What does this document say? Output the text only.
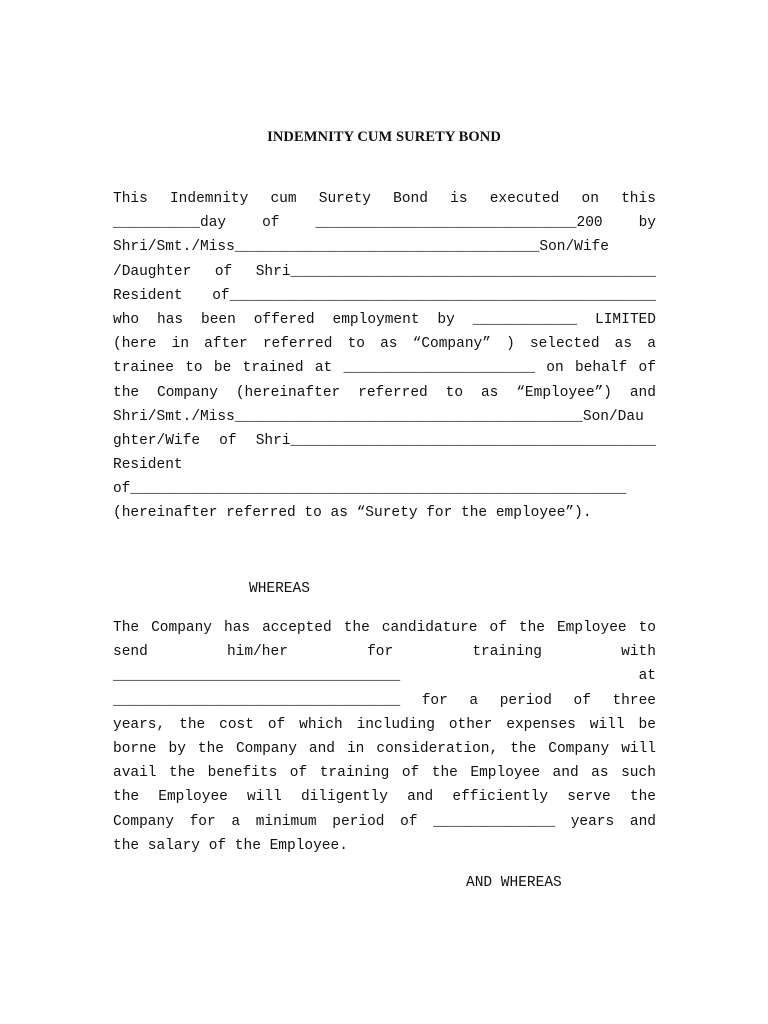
INDEMNITY CUM SURETY BOND
This Indemnity cum Surety Bond is executed on this
__________day of ______________________________200 by
Shri/Smt./Miss___________________________________Son/Wife
/Daughter of Shri__________________________________________
Resident of_________________________________________________
who has been offered employment by ____________ LIMITED
(here in after referred to as “Company” ) selected as a
trainee to be trained at ______________________ on behalf of
the Company (hereinafter referred to as “Employee”) and
Shri/Smt./Miss________________________________________Son/Dau
ghter/Wife of Shri__________________________________________
Resident
of_________________________________________________________
(hereinafter referred to as “Surety for the employee”).
WHEREAS
The Company has accepted the candidature of the Employee to
send	him/her	for	training	with
_________________________________	at
_________________________________ for a period of three
years, the cost of which including other expenses will be
borne by the Company and in consideration, the Company will
avail the benefits of training of the Employee and as such
the Employee will diligently and efficiently serve the
Company for a minimum period of ______________ years and
the salary of the Employee.
AND WHEREAS
